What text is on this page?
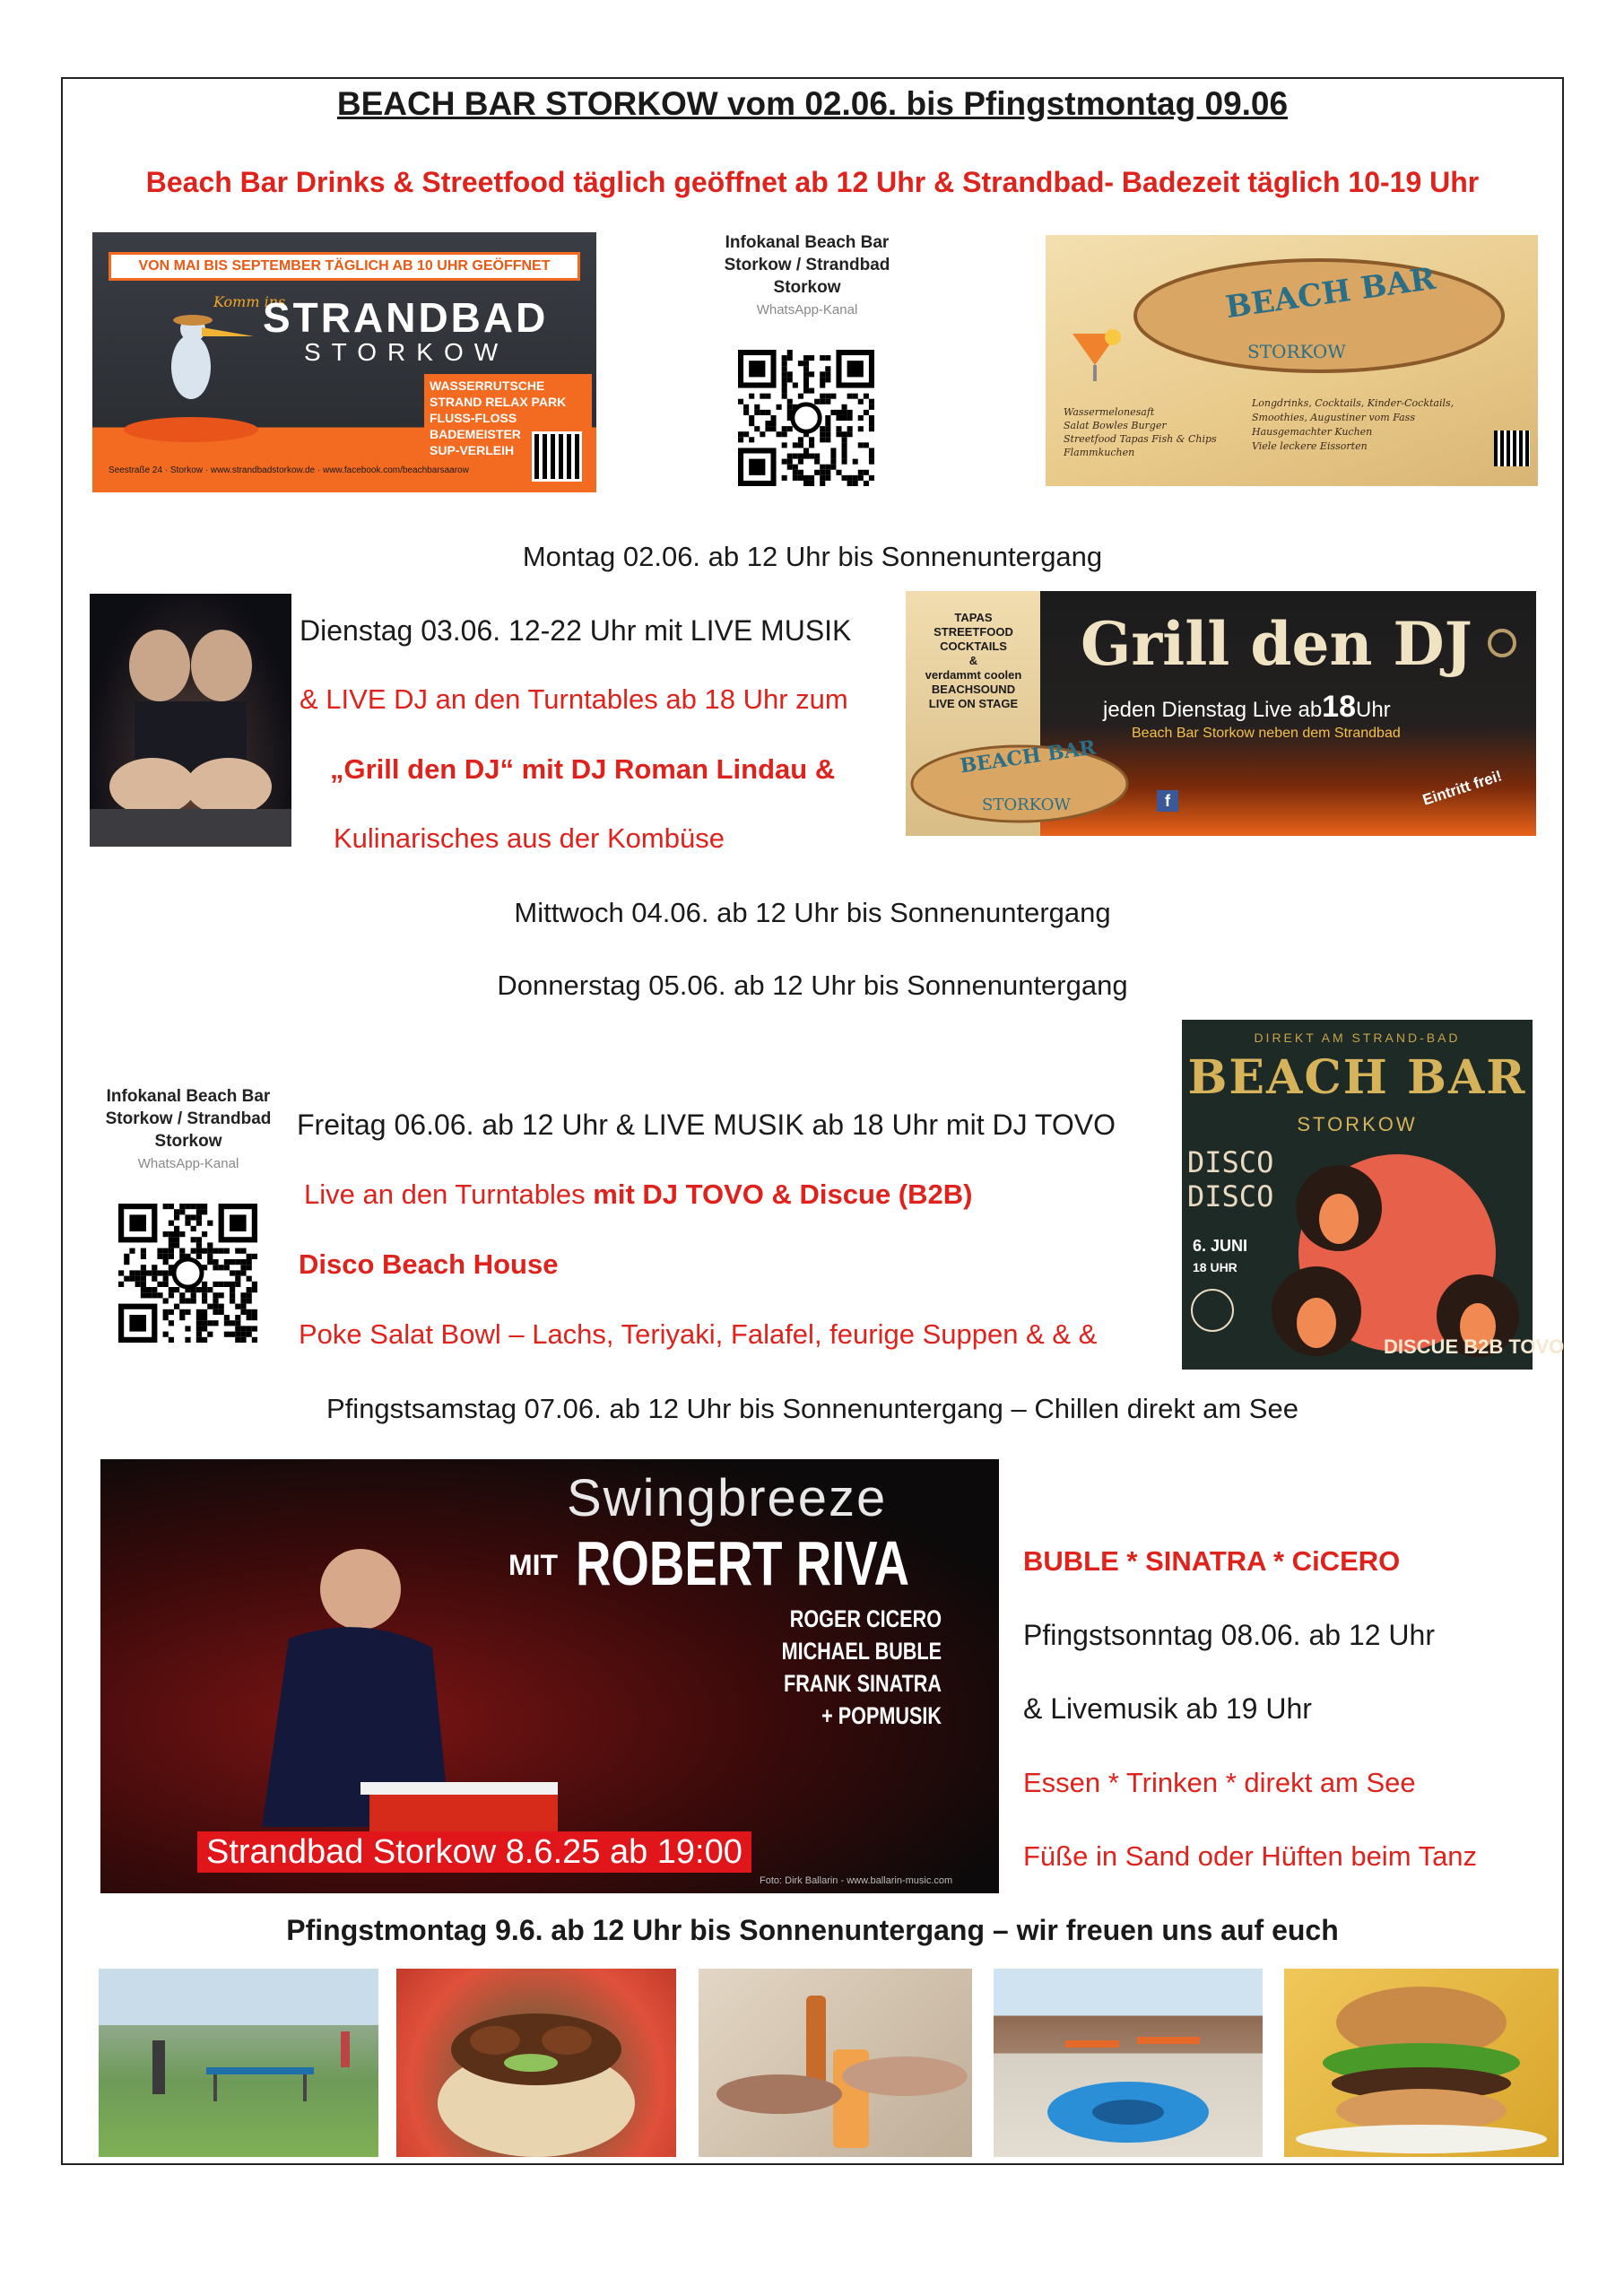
BEACH BAR STORKOW vom 02.06. bis Pfingstmontag 09.06
Beach Bar Drinks & Streetfood täglich geöffnet ab 12 Uhr & Strandbad- Badezeit täglich 10-19 Uhr
VON MAI BIS SEPTEMBER TÄGLICH AB 10 UHR GEÖFFNET
Komm ins
STRANDBAD
STORKOW
WASSERRUTSCHE
STRAND RELAX PARK
FLUSS-FLOSS
BADEMEISTER
SUP-VERLEIH
Seestraße 24 · Storkow · www.strandbadstorkow.de · www.facebook.com/beachbarsaarow
Infokanal Beach Bar
Storkow / Strandbad
Storkow
WhatsApp-Kanal	BEACH BAR
STORKOW
Wassermelonesaft
Salat Bowles Burger
Streetfood Tapas Fish & Chips
Flammkuchen
Longdrinks, Cocktails, Kinder-Cocktails,
Smoothies, Augustiner vom Fass
Hausgemachter Kuchen
Viele leckere Eissorten
Montag 02.06. ab 12 Uhr bis Sonnenuntergang
Dienstag 03.06. 12-22 Uhr mit LIVE MUSIK
& LIVE DJ an den Turntables ab 18 Uhr zum
„Grill den DJ“ mit DJ Roman Lindau &
Kulinarisches aus der Kombüse
TAPAS
STREETFOOD
COCKTAILS
&
verdammt coolen
BEACHSOUND
LIVE ON STAGE
BEACH BAR
STORKOW
Grill den DJ
jeden Dienstag Live ab18Uhr
Beach Bar Storkow neben dem Strandbad
Eintritt frei!
f
Mittwoch 04.06. ab 12 Uhr bis Sonnenuntergang
Donnerstag 05.06. ab 12 Uhr bis Sonnenuntergang
Infokanal Beach Bar
Storkow / Strandbad
Storkow
WhatsApp-Kanal
Freitag 06.06. ab 12 Uhr & LIVE MUSIK ab 18 Uhr mit DJ TOVO
Live an den Turntables mit DJ TOVO & Discue (B2B)
Disco Beach House
Poke Salat Bowl – Lachs, Teriyaki, Falafel, feurige Suppen & & &
DIREKT AM STRAND-BAD
BEACH BAR
STORKOW
DISCO
DISCO
6. JUNI
18 UHR
DISCUE B2B TOVO
Pfingstsamstag 07.06. ab 12 Uhr bis Sonnenuntergang – Chillen direkt am See
Swingbreeze
MIT ROBERT RIVA
ROGER CICERO
MICHAEL BUBLE
FRANK SINATRA
+ POPMUSIK
Strandbad Storkow 8.6.25 ab 19:00
Foto: Dirk Ballarin - www.ballarin-music.com
BUBLE * SINATRA * CiCERO
Pfingstsonntag 08.06. ab 12 Uhr
& Livemusik ab 19 Uhr
Essen * Trinken * direkt am See
Füße in Sand oder Hüften beim Tanz
Pfingstmontag 9.6. ab 12 Uhr bis Sonnenuntergang – wir freuen uns auf euch
